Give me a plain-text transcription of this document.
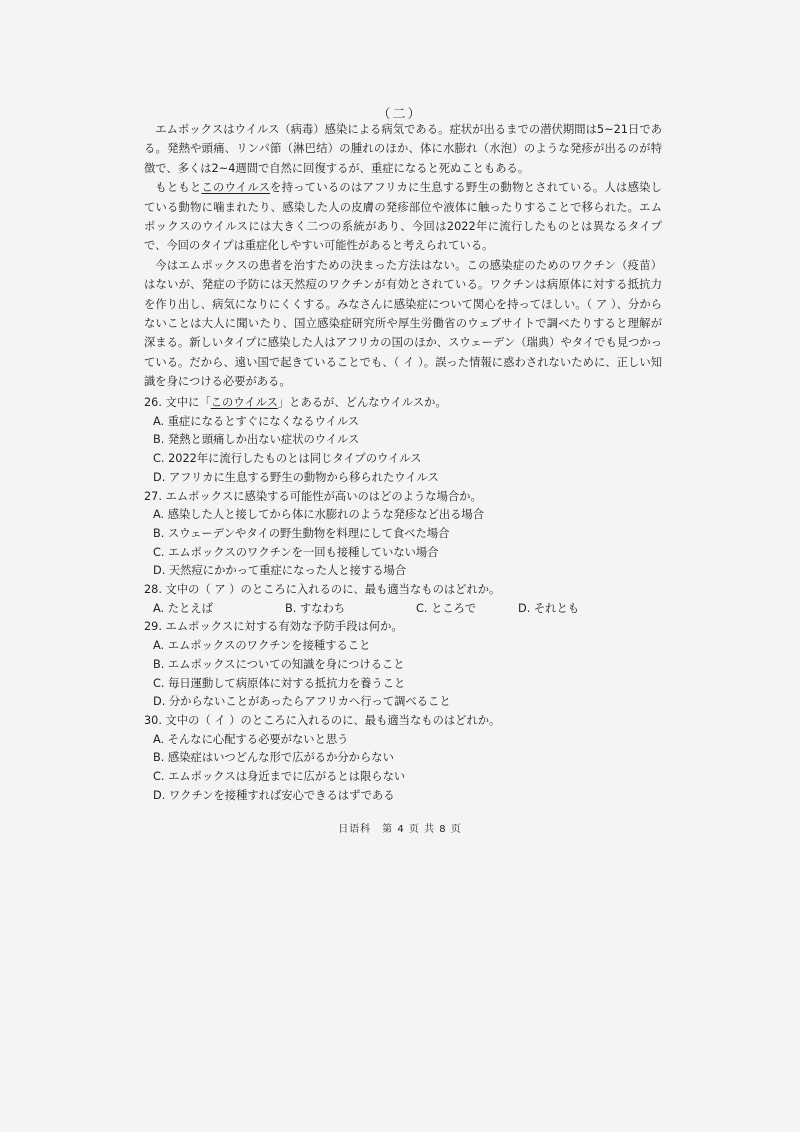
（二）

エムポックスはウイルス（病毒）感染による病気である。症状が出るまでの潜伏期間は5~21日である。発熱や頭痛、リンパ節（淋巴结）の腫れのほか、体に水膨れ（水泡）のような発疹が出るのが特徴で、多くは2~4週間で自然に回復するが、重症になると死ぬこともある。

もともとこのウイルスを持っているのはアフリカに生息する野生の動物とされている。人は感染している動物に噛まれたり、感染した人の皮膚の発疹部位や液体に触ったりすることで移られた。エムポックスのウイルスには大きく二つの系統があり、今回は2022年に流行したものとは異なるタイプで、今回のタイプは重症化しやすい可能性があると考えられている。

今はエムポックスの患者を治すための決まった方法はない。この感染症のためのワクチン（疫苗）はないが、発症の予防には天然痘のワクチンが有効とされている。ワクチンは病原体に対する抵抗力を作り出し、病気になりにくくする。みなさんに感染症について関心を持ってほしい。（ ア ）、分からないことは大人に聞いたり、国立感染症研究所や厚生労働省のウェブサイトで調べたりすると理解が深まる。新しいタイプに感染した人はアフリカの国のほか、スウェーデン（瑞典）やタイでも見つかっている。だから、遠い国で起きていることでも、（ イ ）。誤った情報に惑わされないために、正しい知識を身につける必要がある。

26. 文中に「このウイルス」とあるが、どんなウイルスか。

A. 重症になるとすぐになくなるウイルス

B. 発熱と頭痛しか出ない症状のウイルス

C. 2022年に流行したものとは同じタイプのウイルス

D. アフリカに生息する野生の動物から移られたウイルス

27. エムポックスに感染する可能性が高いのはどのような場合か。

A. 感染した人と接してから体に水膨れのような発疹など出る場合

B. スウェーデンやタイの野生動物を料理にして食べた場合

C. エムポックスのワクチンを一回も接種していない場合

D. 天然痘にかかって重症になった人と接する場合

28. 文中の（ ア ）のところに入れるのに、最も適当なものはどれか。

A. たとえば	B. すなわち	C. ところで	D. それとも

29. エムポックスに対する有効な予防手段は何か。

A. エムポックスのワクチンを接種すること

B. エムポックスについての知識を身につけること

C. 毎日運動して病原体に対する抵抗力を養うこと

D. 分からないことがあったらアフリカへ行って調べること

30. 文中の（ イ ）のところに入れるのに、最も適当なものはどれか。

A. そんなに心配する必要がないと思う

B. 感染症はいつどんな形で広がるか分からない

C. エムポックスは身近までに広がるとは限らない

D. ワクチンを接種すれば安心できるはずである

日语科　第 4 页 共 8 页
